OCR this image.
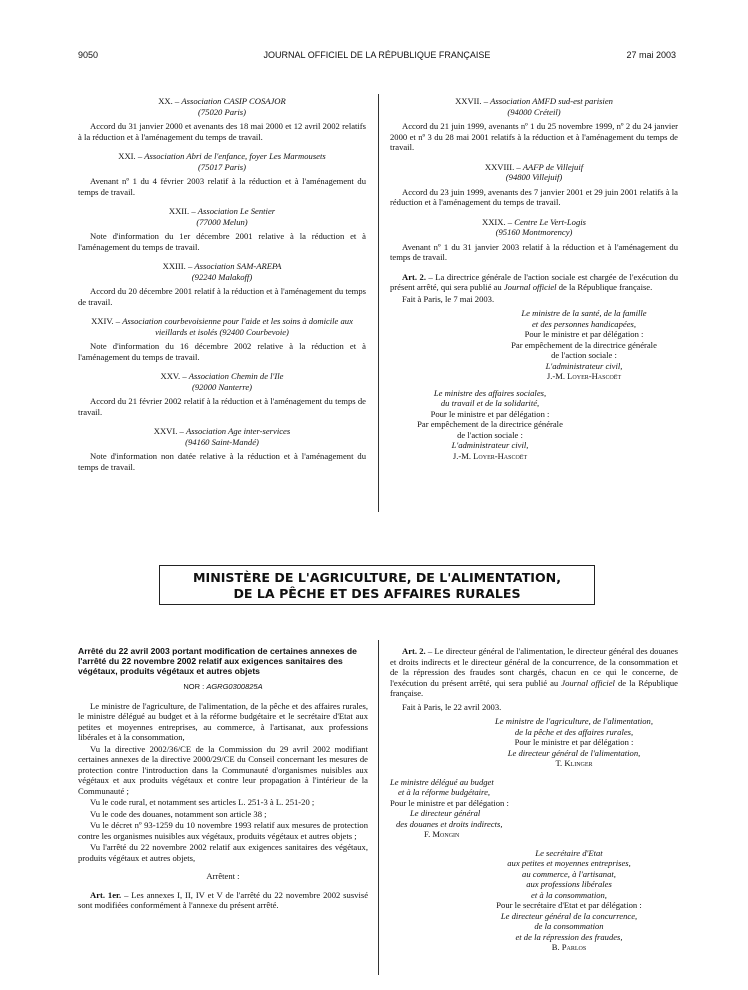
9050	JOURNAL OFFICIEL DE LA RÉPUBLIQUE FRANÇAISE	27 mai 2003
XX. – Association CASIP COSAJOR
(75020 Paris)

Accord du 31 janvier 2000 et avenants des 18 mai 2000 et 12 avril 2002 relatifs à la réduction et à l'aménagement du temps de travail.

XXI. – Association Abri de l'enfance, foyer Les Marmousets
(75017 Paris)

Avenant nº 1 du 4 février 2003 relatif à la réduction et à l'aménagement du temps de travail.

XXII. – Association Le Sentier
(77000 Melun)

Note d'information du 1er décembre 2001 relative à la réduction et à l'aménagement du temps de travail.

XXIII. – Association SAM-AREPA
(92240 Malakoff)

Accord du 20 décembre 2001 relatif à la réduction et à l'aménagement du temps de travail.

XXIV. – Association courbevoisienne pour l'aide et les soins à domicile aux vieillards et isolés (92400 Courbevoie)

Note d'information du 16 décembre 2002 relative à la réduction et à l'aménagement du temps de travail.

XXV. – Association Chemin de l'Ile
(92000 Nanterre)

Accord du 21 février 2002 relatif à la réduction et à l'aménagement du temps de travail.

XXVI. – Association Age inter-services
(94160 Saint-Mandé)

Note d'information non datée relative à la réduction et à l'aménagement du temps de travail.

XXVII. – Association AMFD sud-est parisien
(94000 Créteil)

Accord du 21 juin 1999, avenants nº 1 du 25 novembre 1999, nº 2 du 24 janvier 2000 et nº 3 du 28 mai 2001 relatifs à la réduction et à l'aménagement du temps de travail.

XXVIII. – AAFP de Villejuif
(94800 Villejuif)

Accord du 23 juin 1999, avenants des 7 janvier 2001 et 29 juin 2001 relatifs à la réduction et à l'aménagement du temps de travail.

XXIX. – Centre Le Vert-Logis
(95160 Montmorency)

Avenant nº 1 du 31 janvier 2003 relatif à la réduction et à l'aménagement du temps de travail.

Art. 2. – La directrice générale de l'action sociale est chargée de l'exécution du présent arrêté, qui sera publié au Journal officiel de la République française.

Fait à Paris, le 7 mai 2003.

Le ministre de la santé, de la famille
et des personnes handicapées,
Pour le ministre et par délégation :
Par empêchement de la directrice générale
de l'action sociale :
L'administrateur civil,
J.-M. Loyer-Hascoët
Le ministre des affaires sociales,
du travail et de la solidarité,
Pour le ministre et par délégation :
Par empêchement de la directrice générale
de l'action sociale :
L'administrateur civil,
J.-M. Loyer-Hascoët
MINISTÈRE DE L'AGRICULTURE, DE L'ALIMENTATION,
DE LA PÊCHE ET DES AFFAIRES RURALES

Arrêté du 22 avril 2003 portant modification de certaines annexes de l'arrêté du 22 novembre 2002 relatif aux exigences sanitaires des végétaux, produits végétaux et autres objets

NOR : AGRG0300825A

Le ministre de l'agriculture, de l'alimentation, de la pêche et des affaires rurales, le ministre délégué au budget et à la réforme budgétaire et le secrétaire d'Etat aux petites et moyennes entreprises, au commerce, à l'artisanat, aux professions libérales et à la consommation,

Vu la directive 2002/36/CE de la Commission du 29 avril 2002 modifiant certaines annexes de la directive 2000/29/CE du Conseil concernant les mesures de protection contre l'introduction dans la Communauté d'organismes nuisibles aux végétaux et aux produits végétaux et contre leur propagation à l'intérieur de la Communauté ;

Vu le code rural, et notamment ses articles L. 251-3 à L. 251-20 ;

Vu le code des douanes, notamment son article 38 ;

Vu le décret nº 93-1259 du 10 novembre 1993 relatif aux mesures de protection contre les organismes nuisibles aux végétaux, produits végétaux et autres objets ;

Vu l'arrêté du 22 novembre 2002 relatif aux exigences sanitaires des végétaux, produits végétaux et autres objets,

Arrêtent :

Art. 1er. – Les annexes I, II, IV et V de l'arrêté du 22 novembre 2002 susvisé sont modifiées conformément à l'annexe du présent arrêté.

Art. 2. – Le directeur général de l'alimentation, le directeur général des douanes et droits indirects et le directeur général de la concurrence, de la consommation et de la répression des fraudes sont chargés, chacun en ce qui le concerne, de l'exécution du présent arrêté, qui sera publié au Journal officiel de la République française.

Fait à Paris, le 22 avril 2003.

Le ministre de l'agriculture, de l'alimentation,
de la pêche et des affaires rurales,
Pour le ministre et par délégation :
Le directeur général de l'alimentation,
T. Klinger
Le ministre délégué au budget
et à la réforme budgétaire,
Pour le ministre et par délégation :
Le directeur général
des douanes et droits indirects,
F. Mongin
Le secrétaire d'Etat
aux petites et moyennes entreprises,
au commerce, à l'artisanat,
aux professions libérales
et à la consommation,
Pour le secrétaire d'Etat et par délégation :
Le directeur général de la concurrence,
de la consommation
et de la répression des fraudes,
B. Parlos
